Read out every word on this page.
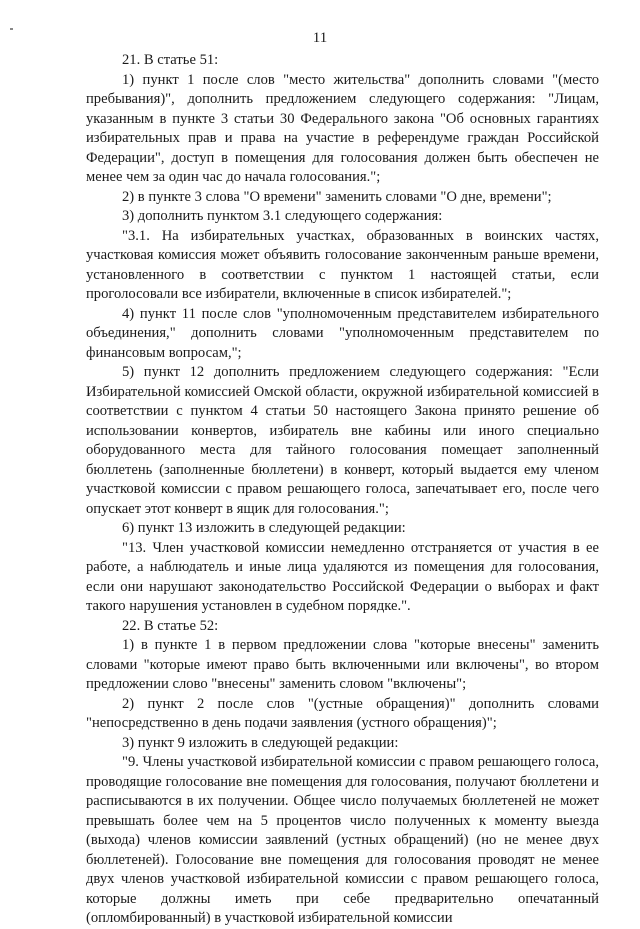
11

21. В статье 51:

1) пункт 1 после слов "место жительства" дополнить словами "(место пребывания)", дополнить предложением следующего содержания: "Лицам, указанным в пункте 3 статьи 30 Федерального закона "Об основных гарантиях избирательных прав и права на участие в референдуме граждан Российской Федерации", доступ в помещения для голосования должен быть обеспечен не менее чем за один час до начала голосования.";

2) в пункте 3 слова "О времени" заменить словами "О дне, времени";

3) дополнить пунктом 3.1 следующего содержания:

"3.1. На избирательных участках, образованных в воинских частях, участковая комиссия может объявить голосование законченным раньше времени, установленного в соответствии с пунктом 1 настоящей статьи, если проголосовали все избиратели, включенные в список избирателей.";

4) пункт 11 после слов "уполномоченным представителем избирательного объединения," дополнить словами "уполномоченным представителем по финансовым вопросам,";

5) пункт 12 дополнить предложением следующего содержания: "Если Избирательной комиссией Омской области, окружной избирательной комиссией в соответствии с пунктом 4 статьи 50 настоящего Закона принято решение об использовании конвертов, избиратель вне кабины или иного специально оборудованного места для тайного голосования помещает заполненный бюллетень (заполненные бюллетени) в конверт, который выдается ему членом участковой комиссии с правом решающего голоса, запечатывает его, после чего опускает этот конверт в ящик для голосования.";

6) пункт 13 изложить в следующей редакции:

"13. Член участковой комиссии немедленно отстраняется от участия в ее работе, а наблюдатель и иные лица удаляются из помещения для голосования, если они нарушают законодательство Российской Федерации о выборах и факт такого нарушения установлен в судебном порядке.".

22. В статье 52:

1) в пункте 1 в первом предложении слова "которые внесены" заменить словами "которые имеют право быть включенными или включены", во втором предложении слово "внесены" заменить словом "включены";

2) пункт 2 после слов "(устные обращения)" дополнить словами "непосредственно в день подачи заявления (устного обращения)";

3) пункт 9 изложить в следующей редакции:

"9. Члены участковой избирательной комиссии с правом решающего голоса, проводящие голосование вне помещения для голосования, получают бюллетени и расписываются в их получении. Общее число получаемых бюллетеней не может превышать более чем на 5 процентов число полученных к моменту выезда (выхода) членов комиссии заявлений (устных обращений) (но не менее двух бюллетеней). Голосование вне помещения для голосования проводят не менее двух членов участковой избирательной комиссии с правом решающего голоса, которые должны иметь при себе предварительно опечатанный (опломбированный) в участковой избирательной комиссии
